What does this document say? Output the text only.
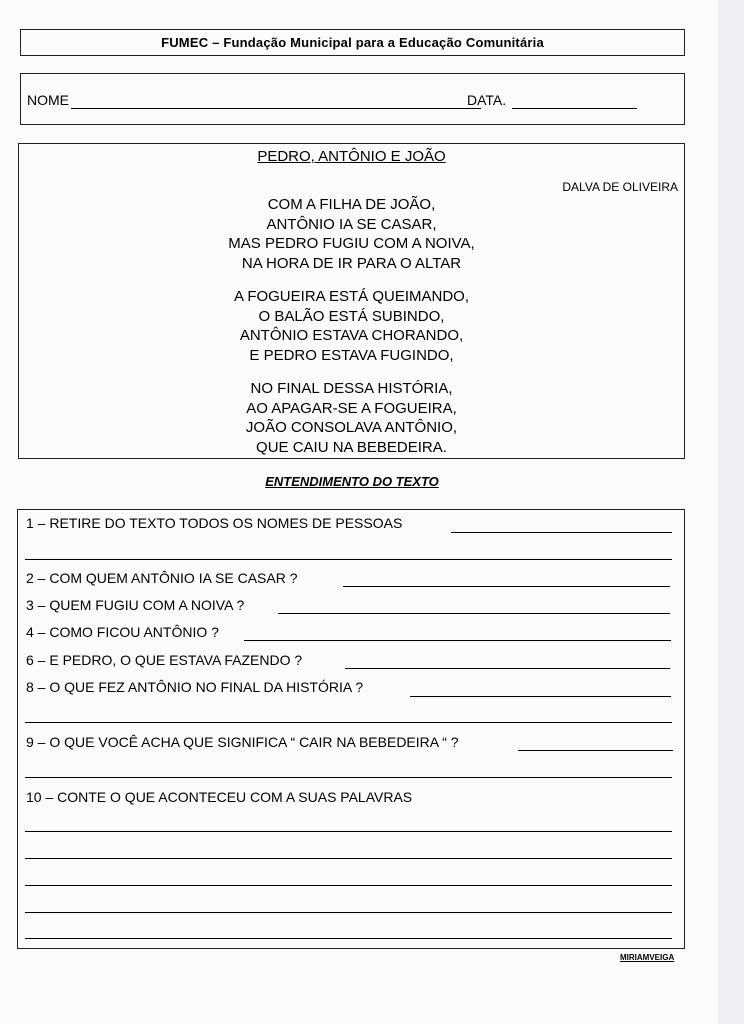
FUMEC – Fundação Municipal para a Educação Comunitária
NOME	DATA.
PEDRO, ANTÔNIO E JOÃO
DALVA DE OLIVEIRA
COM A FILHA DE JOÃO,
ANTÔNIO IA SE CASAR,
MAS PEDRO FUGIU COM A NOIVA,
NA HORA DE IR PARA O ALTAR
A FOGUEIRA ESTÁ QUEIMANDO,
O BALÃO ESTÁ SUBINDO,
ANTÔNIO ESTAVA CHORANDO,
E PEDRO ESTAVA FUGINDO,
NO FINAL DESSA HISTÓRIA,
AO APAGAR-SE A FOGUEIRA,
JOÃO CONSOLAVA ANTÔNIO,
QUE CAIU NA BEBEDEIRA.
ENTENDIMENTO DO TEXTO
1 – RETIRE DO TEXTO TODOS OS NOMES DE PESSOAS
2 – COM QUEM ANTÔNIO IA SE CASAR ?
3 – QUEM FUGIU COM A NOIVA ?
4 – COMO FICOU ANTÔNIO ?
6 – E PEDRO, O QUE ESTAVA FAZENDO ?
8 – O QUE FEZ ANTÔNIO NO FINAL DA HISTÓRIA ?
9 – O QUE VOCÊ ACHA QUE SIGNIFICA “ CAIR NA BEBEDEIRA “ ?
10 – CONTE O QUE ACONTECEU COM A SUAS PALAVRAS
MIRIAMVEIGA
